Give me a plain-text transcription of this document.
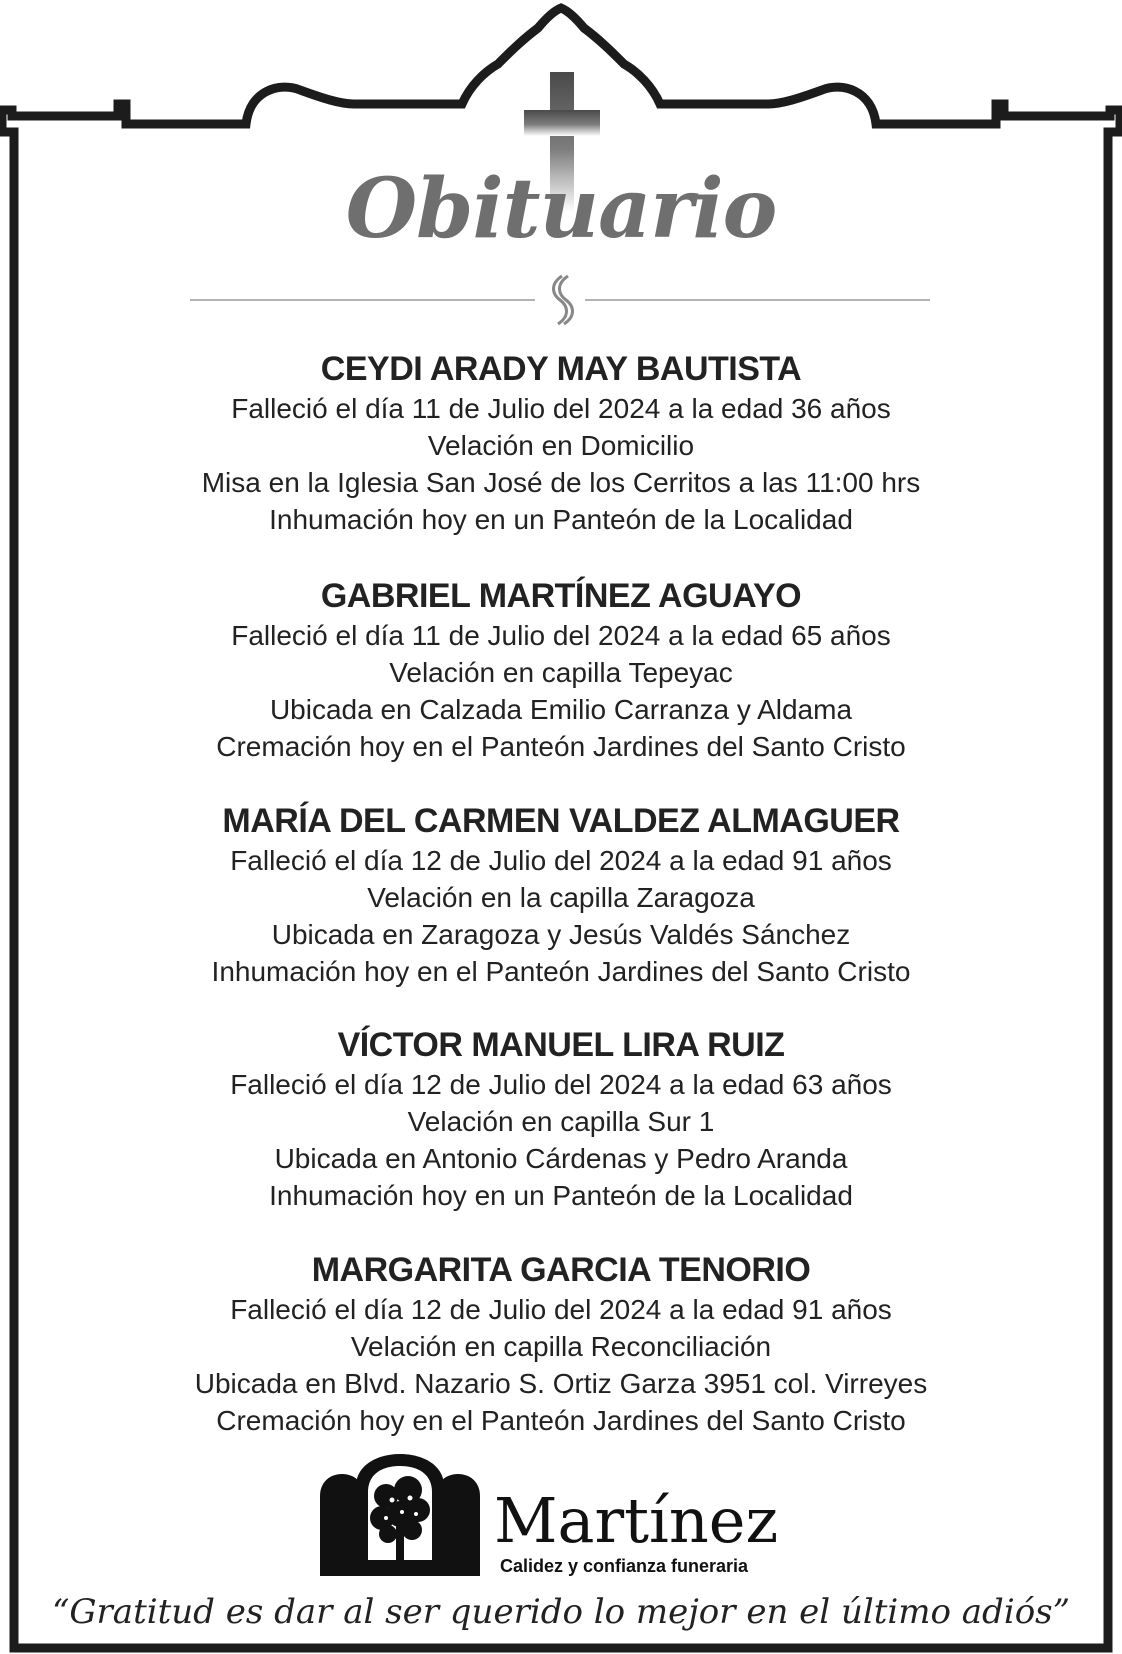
Obituario
CEYDI ARADY MAY BAUTISTA
Falleció el día 11 de Julio del 2024 a la edad 36 años
Velación en Domicilio
Misa en la Iglesia San José de los Cerritos a las 11:00 hrs
Inhumación hoy en un Panteón de la Localidad
GABRIEL MARTÍNEZ AGUAYO
Falleció el día 11 de Julio del 2024 a la edad 65 años
Velación en capilla Tepeyac
Ubicada en Calzada Emilio Carranza y Aldama
Cremación hoy en el Panteón Jardines del Santo Cristo
MARÍA DEL CARMEN VALDEZ ALMAGUER
Falleció el día 12 de Julio del 2024 a la edad 91 años
Velación en la capilla Zaragoza
Ubicada en Zaragoza y Jesús Valdés Sánchez
Inhumación hoy en el Panteón Jardines del Santo Cristo
VÍCTOR MANUEL LIRA RUIZ
Falleció el día 12 de Julio del 2024 a la edad 63 años
Velación en capilla Sur 1
Ubicada en Antonio Cárdenas y Pedro Aranda
Inhumación hoy en un Panteón de la Localidad
MARGARITA GARCIA TENORIO
Falleció el día 12 de Julio del 2024 a la edad 91 años
Velación en capilla Reconciliación
Ubicada en Blvd. Nazario S. Ortiz Garza 3951 col. Virreyes
Cremación hoy en el Panteón Jardines del Santo Cristo
Martínez
Calidez y confianza funeraria
“Gratitud es dar al ser querido lo mejor en el último adiós”
